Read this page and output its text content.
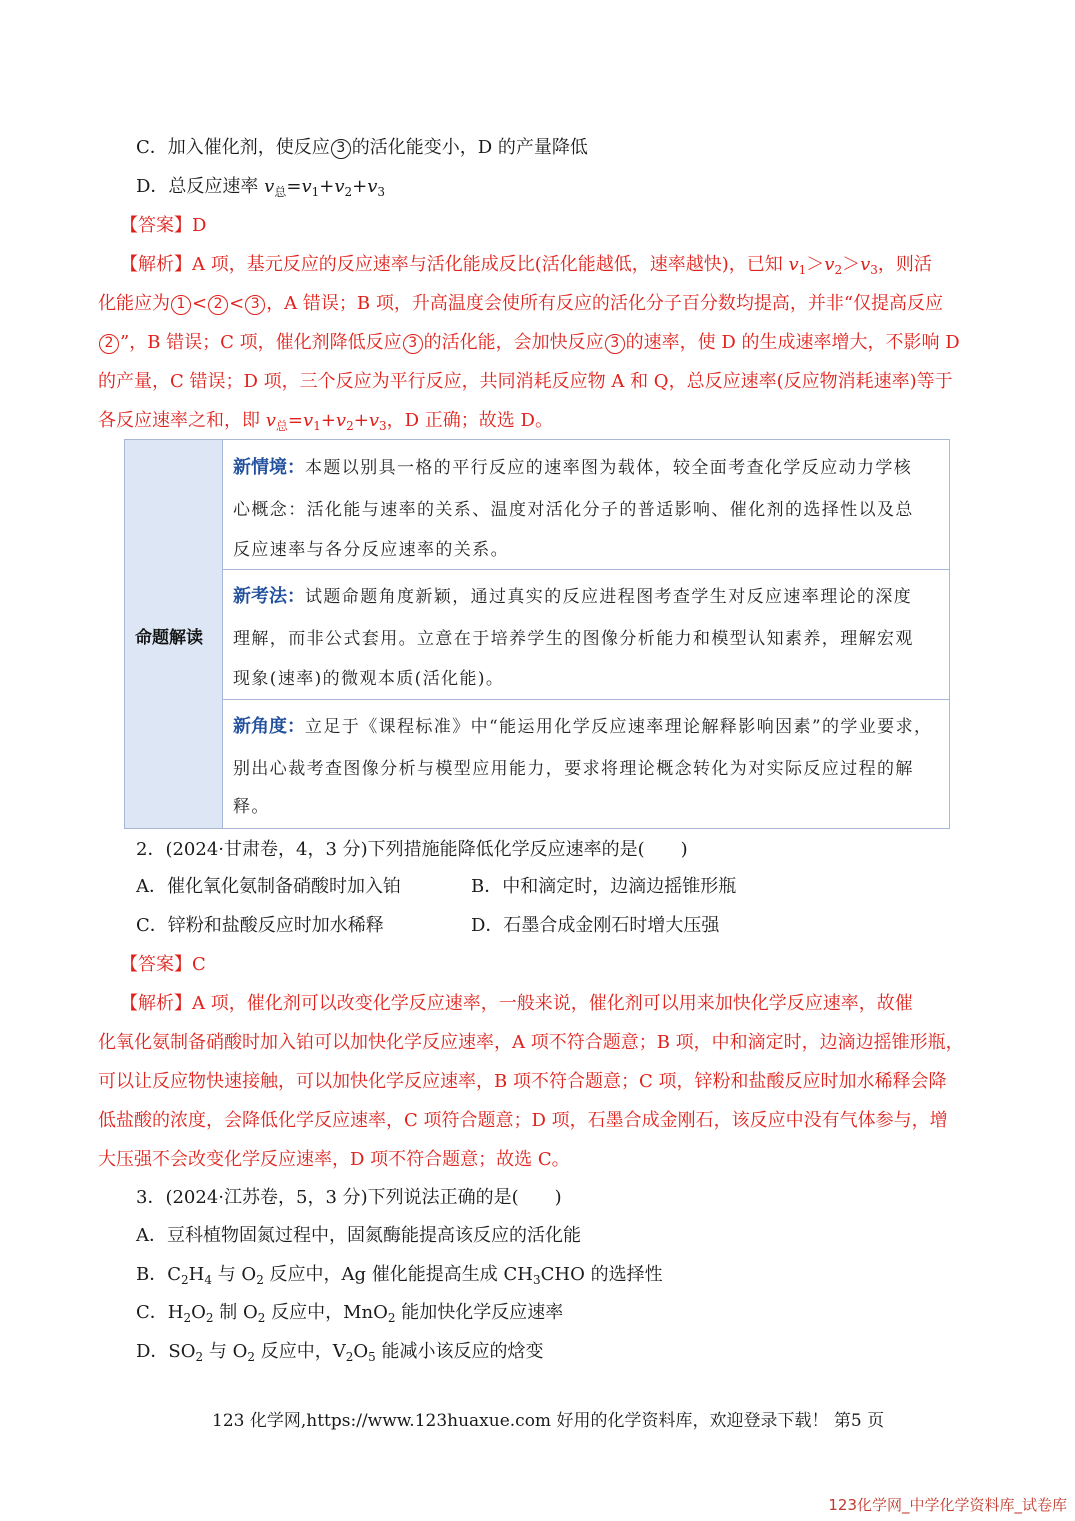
C．加入催化剂，使反应 3 的活化能变小，D 的产量降低
D．总反应速率 $v_总=v_1+v_2+v_3$
【答案】D
【解析】A 项，基元反应的反应速率与活化能成反比(活化能越低，速率越快)，已知 $v_1>v_2>v_3$，则活
化能应为 1 < 2 < 3 ，A 错误；B 项，升高温度会使所有反应的活化分子百分数均提高，并非“仅提高反应
2 ”，B 错误；C 项，催化剂降低反应 3 的活化能，会加快反应 3 的速率，使 D 的生成速率增大，不影响 D
的产量，C 错误；D 项，三个反应为平行反应，共同消耗反应物 A 和 Q，总反应速率(反应物消耗速率)等于
各反应速率之和，即 $v_总=v_1+v_2+v_3$，D 正确；故选 D。
命题解读
新情境：本题以别具一格的平行反应的速率图为载体，较全面考查化学反应动力学核
心概念：活化能与速率的关系、温度对活化分子的普适影响、催化剂的选择性以及总
反应速率与各分反应速率的关系。
新考法：试题命题角度新颖，通过真实的反应进程图考查学生对反应速率理论的深度
理解，而非公式套用。立意在于培养学生的图像分析能力和模型认知素养，理解宏观
现象(速率)的微观本质(活化能)。
新角度：立足于《课程标准》中“能运用化学反应速率理论解释影响因素”的学业要求，
别出心裁考查图像分析与模型应用能力，要求将理论概念转化为对实际反应过程的解
释。
2．(2024·甘肃卷，4，3 分)下列措施能降低化学反应速率的是(　　)
A．催化氧化氨制备硝酸时加入铂	B．中和滴定时，边滴边摇锥形瓶
C．锌粉和盐酸反应时加水稀释	D．石墨合成金刚石时增大压强
【答案】C
【解析】A 项，催化剂可以改变化学反应速率，一般来说，催化剂可以用来加快化学反应速率，故催
化氧化氨制备硝酸时加入铂可以加快化学反应速率，A 项不符合题意；B 项，中和滴定时，边滴边摇锥形瓶，
可以让反应物快速接触，可以加快化学反应速率，B 项不符合题意；C 项，锌粉和盐酸反应时加水稀释会降
低盐酸的浓度，会降低化学反应速率，C 项符合题意；D 项，石墨合成金刚石，该反应中没有气体参与，增
大压强不会改变化学反应速率，D 项不符合题意；故选 C。
3．(2024·江苏卷，5，3 分)下列说法正确的是(　　)
A．豆科植物固氮过程中，固氮酶能提高该反应的活化能
B．$C_2H_4$ 与 $O_2$ 反应中，Ag 催化能提高生成 $CH_3CHO$ 的选择性
C．$H_2O_2$ 制 $O_2$ 反应中，MnO$_2$ 能加快化学反应速率
D．$SO_2$ 与 $O_2$ 反应中，$V_2O_5$ 能减小该反应的焓变
123 化学网,https://www.123huaxue.com 好用的化学资料库，欢迎登录下载！ 第5 页
123化学网_中学化学资料库_试卷库
